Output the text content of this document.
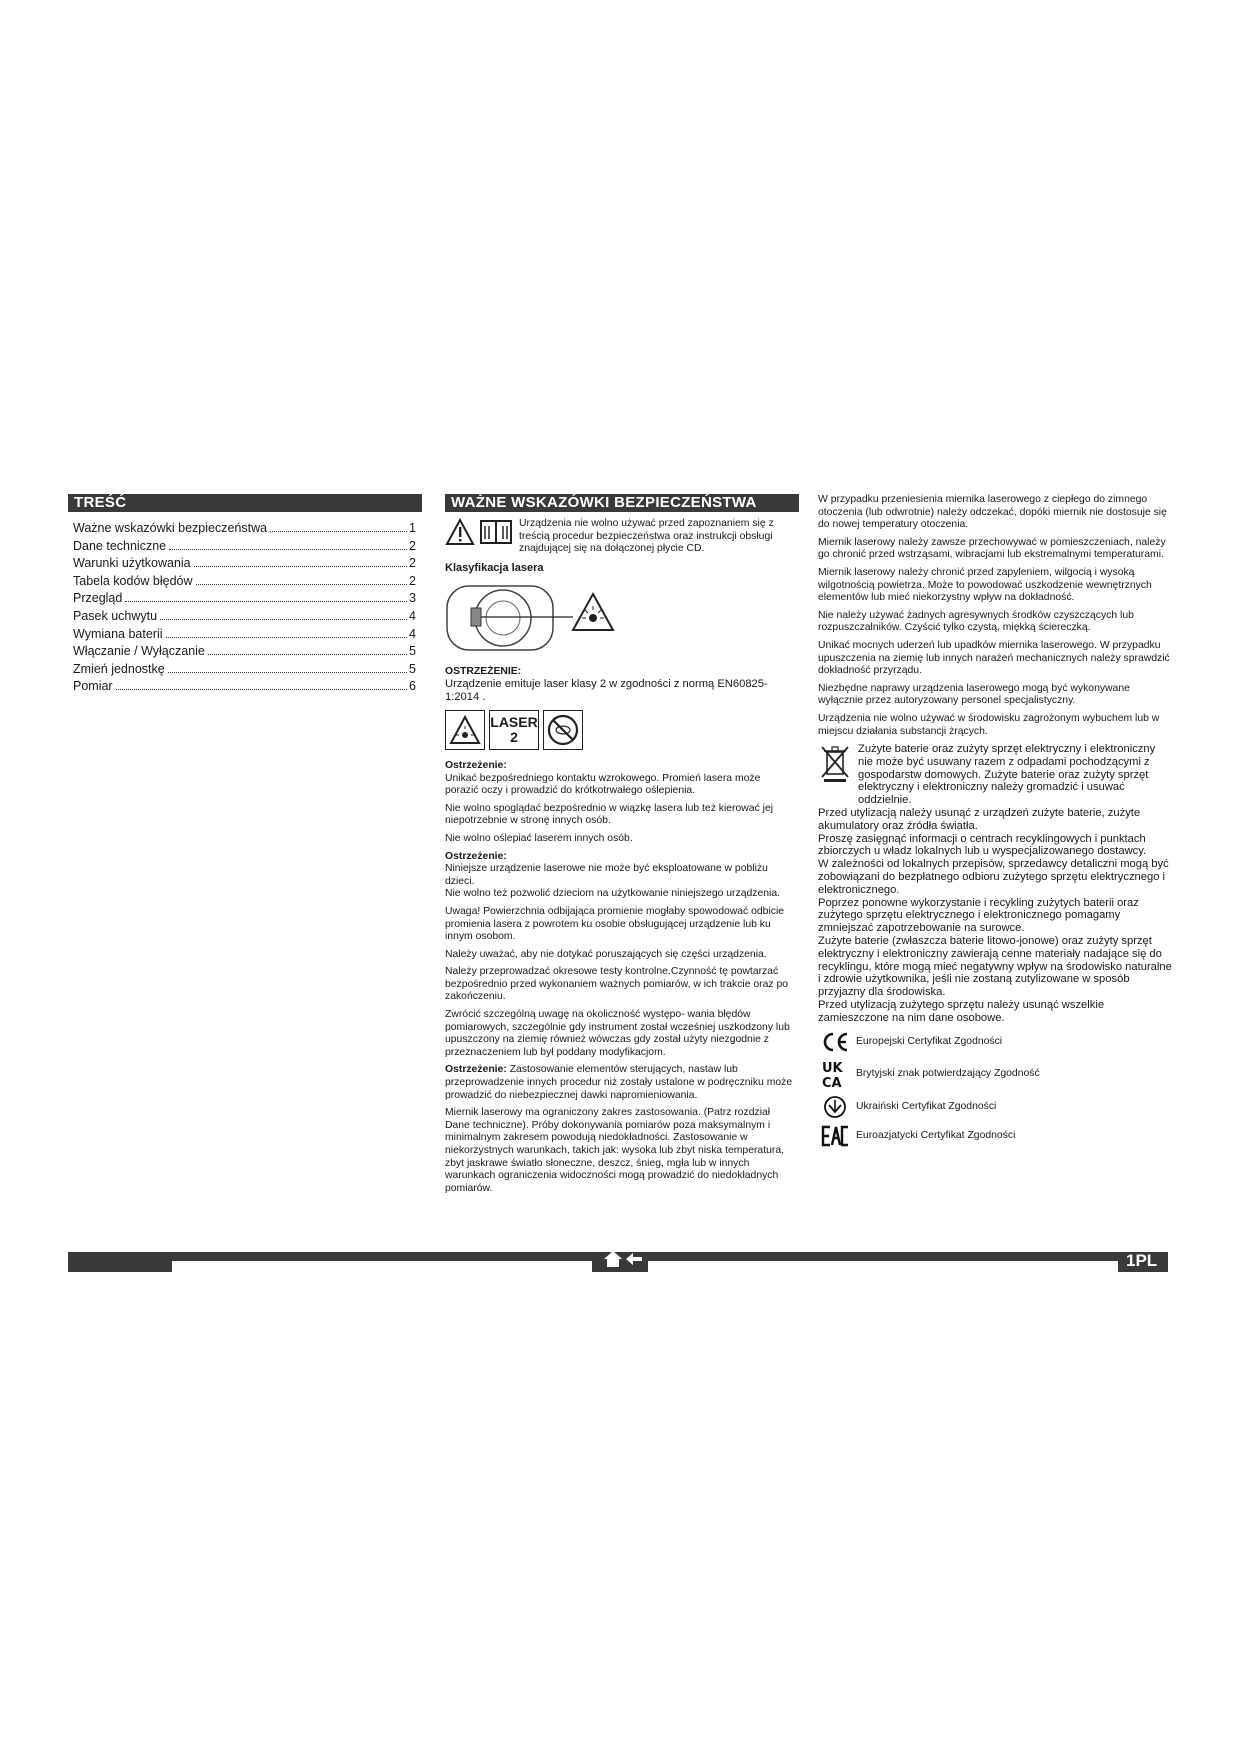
TREŚĆ
Ważne wskazówki bezpieczeństwa	1
Dane techniczne	2
Warunki użytkowania	2
Tabela kodów błędów	2
Przegląd	3
Pasek uchwytu	4
Wymiana baterii	4
Włączanie / Wyłączanie	5
Zmień jednostkę	5
Pomiar	6
WAŻNE WSKAZÓWKI BEZPIECZEŃSTWA

Urządzenia nie wolno używać przed zapoznaniem się z treścią procedur bezpieczeństwa oraz instrukcji obsługi znajdującej się na dołączonej płycie CD.

Klasyfikacja lasera

OSTRZEŻENIE:

Urządzenie emituje laser klasy 2 w zgodności z normą EN60825-1:2014 .

LASER
2

Ostrzeżenie:

Unikać bezpośredniego kontaktu wzrokowego. Promień lasera może porazić oczy i prowadzić do krótkotrwałego oślepienia.

Nie wolno spoglądać bezpośrednio w wiązkę lasera lub też kierować jej niepotrzebnie w stronę innych osób.

Nie wolno oślepiać laserem innych osób.

Ostrzeżenie:

Niniejsze urządzenie laserowe nie może być eksploatowane w pobliżu dzieci.

Nie wolno też pozwolić dzieciom na użytkowanie niniejszego urządzenia.

Uwaga! Powierzchnia odbijająca promienie mogłaby spowodować odbicie promienia lasera z powrotem ku osobie obsługującej urządzenie lub ku innym osobom.

Należy uważać, aby nie dotykać poruszających się części urządzenia.

Należy przeprowadzać okresowe testy kontrolne.Czynność tę powtarzać bezpośrednio przed wykonaniem ważnych pomiarów, w ich trakcie oraz po zakończeniu.

Zwrócić szczególną uwagę na okoliczność występo- wania błędów pomiarowych, szczególnie gdy instrument został wcześniej uszkodzony lub upuszczony na ziemię również wówczas gdy został użyty niezgodnie z przeznaczeniem lub był poddany modyfikacjom.

Ostrzeżenie: Zastosowanie elementów sterujących, nastaw lub przeprowadzenie innych procedur niż zostały ustalone w podręczniku może prowadzić do niebezpiecznej dawki napromieniowania.

Miernik laserowy ma ograniczony zakres zastosowania. (Patrz rozdział Dane techniczne). Próby dokonywania pomiarów poza maksymalnym i minimalnym zakresem powodują niedokładności. Zastosowanie w niekorzystnych warunkach, takich jak: wysoka lub zbyt niska temperatura, zbyt jaskrawe światło słoneczne, deszcz, śnieg, mgła lub w innych warunkach ograniczenia widoczności mogą prowadzić do niedokładnych pomiarów.

W przypadku przeniesienia miernika laserowego z ciepłego do zimnego otoczenia (lub odwrotnie) należy odczekać, dopóki miernik nie dostosuje się do nowej temperatury otoczenia.

Miernik laserowy należy zawsze przechowywać w pomieszczeniach, należy go chronić przed wstrząsami, wibracjami lub ekstremalnymi temperaturami.

Miernik laserowy należy chronić przed zapyleniem, wilgocią i wysoką wilgotnością powietrza. Może to powodować uszkodzenie wewnętrznych elementów lub mieć niekorzystny wpływ na dokładność.

Nie należy używać żadnych agresywnych środków czyszczących lub rozpuszczalników. Czyścić tylko czystą, miękką ściereczką.

Unikać mocnych uderzeń lub upadków miernika laserowego. W przypadku upuszczenia na ziemię lub innych narażeń mechanicznych należy sprawdzić dokładność przyrządu.

Niezbędne naprawy urządzenia laserowego mogą być wykonywane wyłącznie przez autoryzowany personel specjalistyczny.

Urządzenia nie wolno używać w środowisku zagrożonym wybuchem lub w miejscu działania substancji żrących.

Zużyte baterie oraz zużyty sprzęt elektryczny i elektroniczny nie może być usuwany razem z odpadami pochodzącymi z gospodarstw domowych. Zużyte baterie oraz zużyty sprzęt elektryczny i elektroniczny należy gromadzić i usuwać oddzielnie.

Przed utylizacją należy usunąć z urządzeń zużyte baterie, zużyte akumulatory oraz źródła światła.

Proszę zasięgnąć informacji o centrach recyklingowych i punktach zbiorczych u władz lokalnych lub u wyspecjalizowanego dostawcy.

W zależności od lokalnych przepisów, sprzedawcy detaliczni mogą być zobowiązani do bezpłatnego odbioru zużytego sprzętu elektrycznego i elektronicznego.

Poprzez ponowne wykorzystanie i recykling zużytych baterii oraz zużytego sprzętu elektrycznego i elektronicznego pomagamy zmniejszać zapotrzebowanie na surowce.

Zużyte baterie (zwłaszcza baterie litowo-jonowe) oraz zużyty sprzęt elektryczny i elektroniczny zawierają cenne materiały nadające się do recyklingu, które mogą mieć negatywny wpływ na środowisko naturalne i zdrowie użytkownika, jeśli nie zostaną zutylizowane w sposób przyjazny dla środowiska.

Przed utylizacją zużytego sprzętu należy usunąć wszelkie zamieszczone na nim dane osobowe.

Europejski Certyfikat Zgodności
UK
CA
Brytyjski znak potwierdzający Zgodność
Ukraiński Certyfikat Zgodności
Euroazjatycki Certyfikat Zgodności
1PL
